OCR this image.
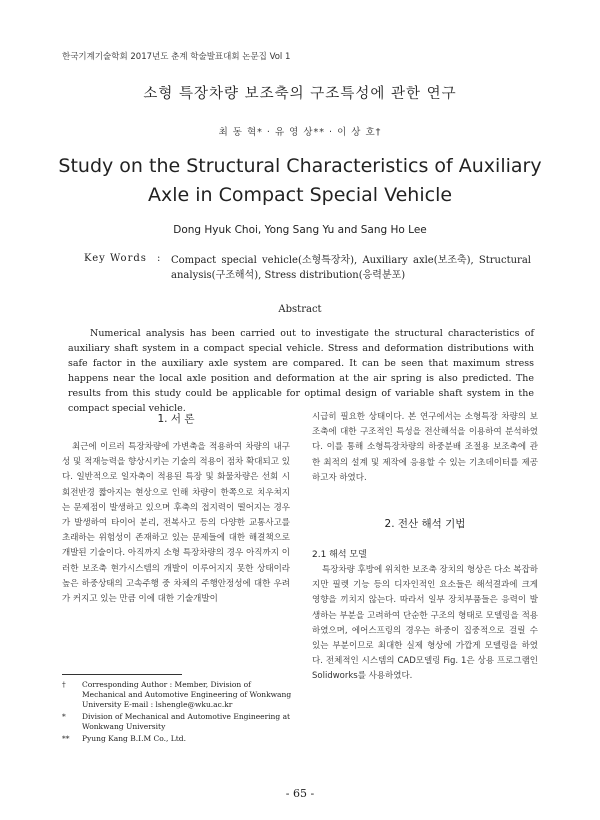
한국기계기술학회 2017년도 춘계 학술발표대회 논문집 Vol 1
소형 특장차량 보조축의 구조특성에 관한 연구
최 동 혁* · 유 영 상** · 이 상 호†
Study on the Structural Characteristics of Auxiliary Axle in Compact Special Vehicle
Dong Hyuk Choi, Yong Sang Yu and Sang Ho Lee
Key Words : Compact special vehicle(소형특장차), Auxiliary axle(보조축), Structural analysis(구조해석), Stress distribution(응력분포)
Abstract
Numerical analysis has been carried out to investigate the structural characteristics of auxiliary shaft system in a compact special vehicle. Stress and deformation distributions with safe factor in the auxiliary axle system are compared. It can be seen that maximum stress happens near the local axle position and deformation at the air spring is also predicted. The results from this study could be applicable for optimal design of variable shaft system in the compact special vehicle.
1. 서 론
최근에 이르러 특장차량에 가변축을 적용하여 차량의 내구성 및 적재능력을 향상시키는 기술의 적용이 점차 확대되고 있다. 일반적으로 일자축이 적용된 특장 및 화물차량은 선회 시 회전반경 짧아지는 현상으로 인해 차량이 한쪽으로 치우쳐지는 문제점이 발생하고 있으며 후축의 접지력이 떨어지는 경우가 발생하여 타이어 분리, 전복사고 등의 다양한 교통사고를 초래하는 위험성이 존재하고 있는 문제들에 대한 해결책으로 개발된 기술이다. 아직까지 소형 특장차량의 경우 아직까지 이러한 보조축 현가시스템의 개발이 이루어지지 못한 상태이라 높은 하중상태의 고속주행 중 차체의 주행안정성에 대한 우려가 커지고 있는 만큼 이에 대한 기술개발이
†	Corresponding Author : Member, Division of Mechanical and Automotive Engineering of Wonkwang University E-mail : lshengle@wku.ac.kr
*	Division of Mechanical and Automotive Engineering at Wonkwang University
**	Pyung Kang B.I.M Co., Ltd.
시급히 필요한 상태이다. 본 연구에서는 소형특장 차량의 보조축에 대한 구조적인 특성을 전산해석을 이용하여 분석하였다. 이를 통해 소형특장차량의 하중분배 조절용 보조축에 관한 최적의 설계 및 제작에 응용할 수 있는 기초데이터를 제공하고자 하였다.
2. 전산 해석 기법
2.1 해석 모델
특장차량 후방에 위치한 보조축 장치의 형상은 다소 복잡하지만 필렛 기능 등의 디자인적인 요소들은 해석결과에 크게 영향을 끼치지 않는다. 따라서 일부 장치부품들은 응력이 발생하는 부분을 고려하여 단순한 구조의 형태로 모델링을 적용하였으며, 에어스프링의 경우는 하중이 집중적으로 걸릴 수 있는 부분이므로 최대한 실제 형상에 가깝게 모델링을 하였다. 전체적인 시스템의 CAD모델링 Fig. 1은 상용 프로그램인 Solidworks를 사용하였다.
- 65 -
